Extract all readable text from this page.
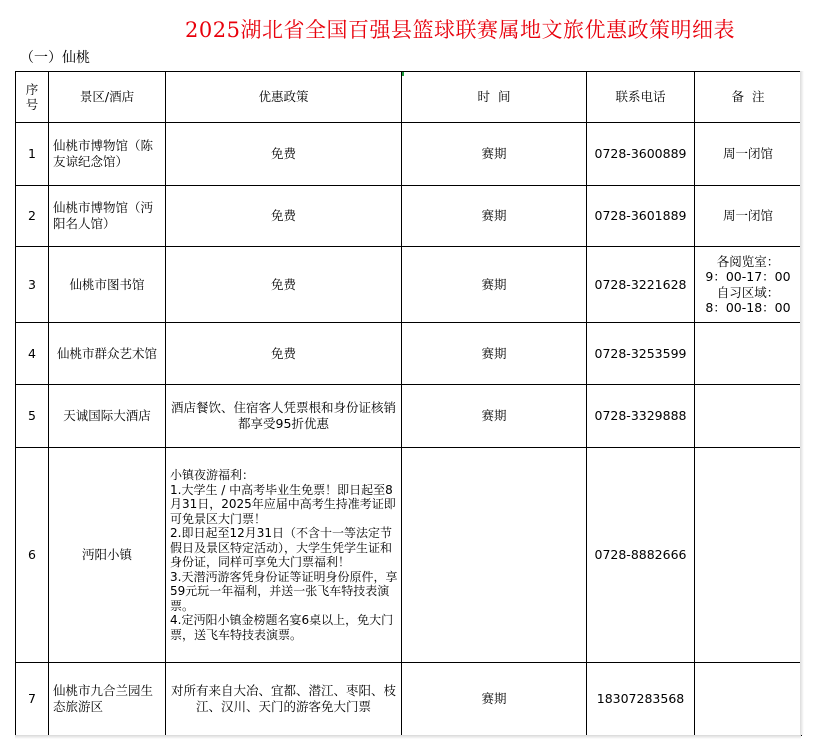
2025湖北省全国百强县篮球联赛属地文旅优惠政策明细表
（一）仙桃
序号	景区/酒店	优惠政策	时  间	联系电话	备  注
1	仙桃市博物馆（陈友谅纪念馆）	免费	赛期	0728-3600889	周一闭馆
2	仙桃市博物馆（沔阳名人馆）	免费	赛期	0728-3601889	周一闭馆
3	仙桃市图书馆	免费	赛期	0728-3221628	各阅览室：
9：00-17：00
自习区域：
8：00-18：00

4	仙桃市群众艺术馆	免费	赛期	0728-3253599	
5	天诚国际大酒店	酒店餐饮、住宿客人凭票根和身份证核销都享受95折优惠	赛期	0728-3329888	
6	沔阳小镇	小镇夜游福利：
1.大学生 / 中高考毕业生免票！即日起至8月31日，2025年应届中高考生持准考证即可免景区大门票！
2.即日起至12月31日（不含十一等法定节假日及景区特定活动），大学生凭学生证和身份证，同样可享免大门票福利！
3.天潜沔游客凭身份证等证明身份原件，享59元玩一年福利，并送一张飞车特技表演票。
4.定沔阳小镇金榜题名宴6桌以上，免大门票，送飞车特技表演票。		0728-8882666	
7	仙桃市九合兰园生态旅游区	对所有来自大冶、宜都、潜江、枣阳、枝江、汉川、天门的游客免大门票	赛期	18307283568	
